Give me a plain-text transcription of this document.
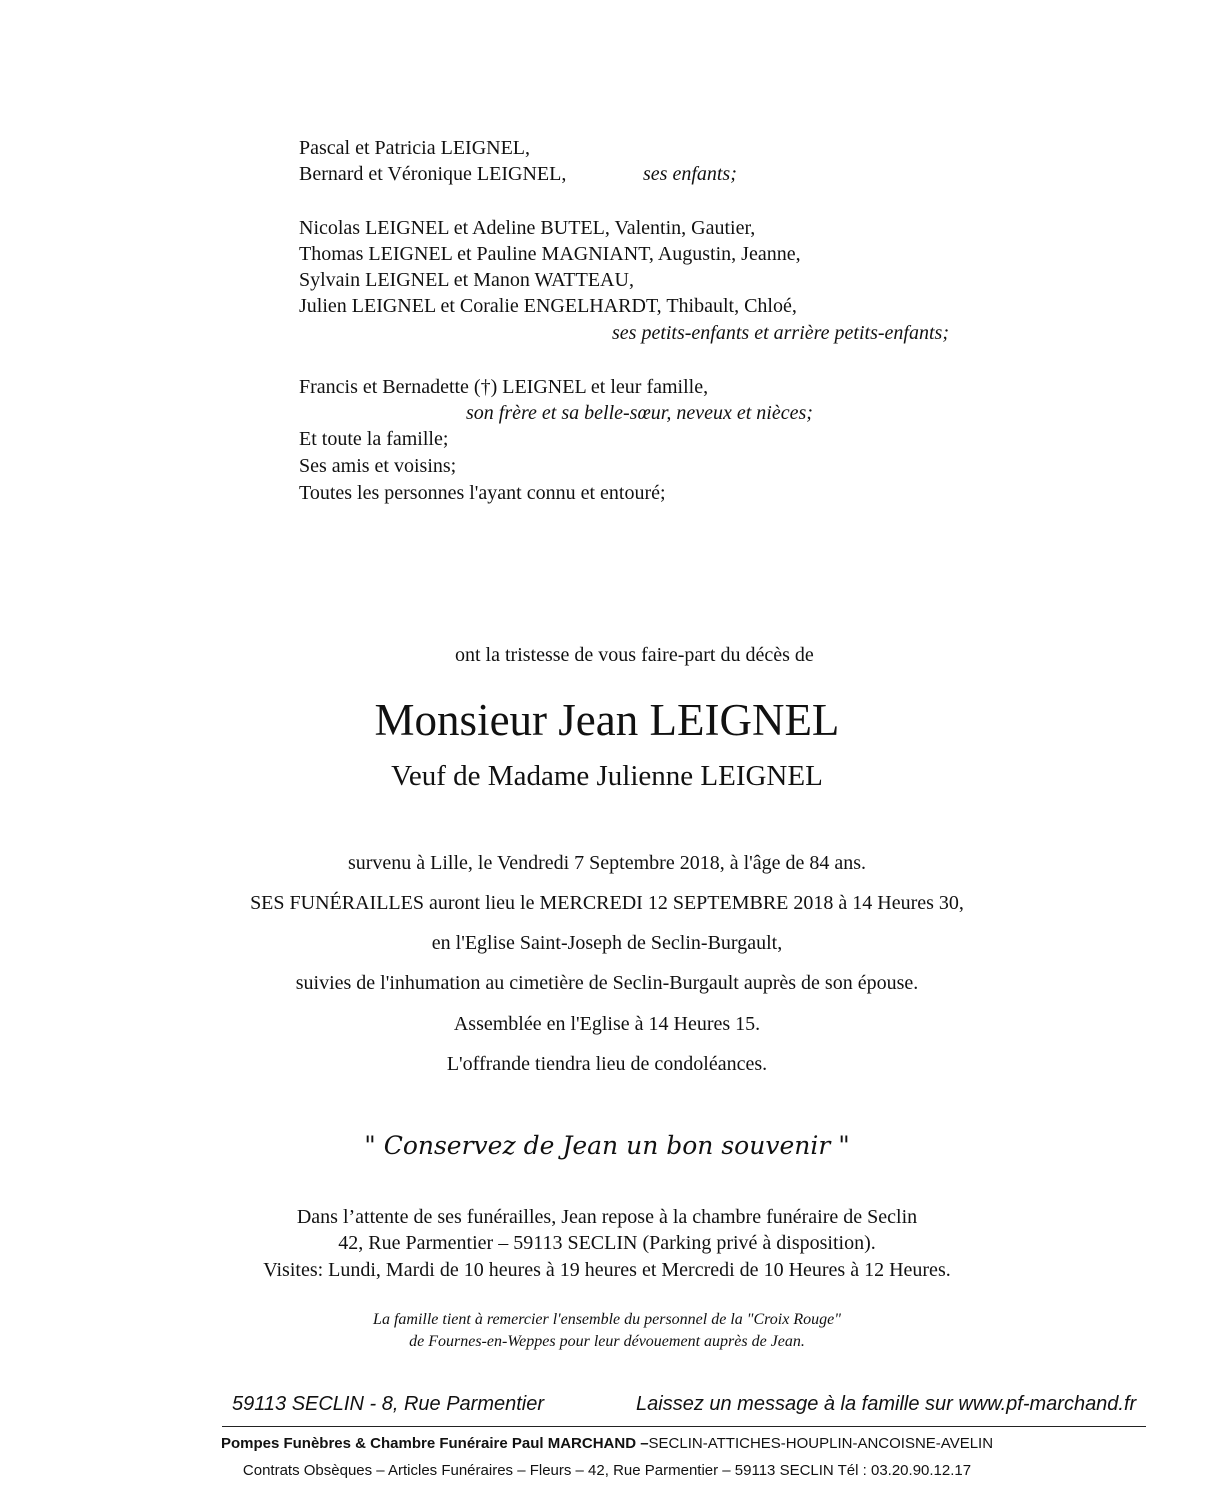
Pascal et Patricia LEIGNEL,
Bernard et Véronique LEIGNEL,	ses enfants;
Nicolas LEIGNEL et Adeline BUTEL, Valentin, Gautier,
Thomas LEIGNEL et Pauline MAGNIANT, Augustin, Jeanne,
Sylvain LEIGNEL et Manon WATTEAU,
Julien LEIGNEL et Coralie ENGELHARDT, Thibault, Chloé,
ses petits-enfants et arrière petits-enfants;
Francis et Bernadette (†) LEIGNEL et leur famille,
son frère et sa belle-sœur, neveux et nièces;
Et toute la famille;
Ses amis et voisins;
Toutes les personnes l'ayant connu et entouré;
ont la tristesse de vous faire-part du décès de
Monsieur Jean LEIGNEL
Veuf de Madame Julienne LEIGNEL
survenu à Lille, le Vendredi 7 Septembre 2018, à l'âge de 84 ans.
SES FUNÉRAILLES auront lieu le MERCREDI 12 SEPTEMBRE 2018 à 14 Heures 30,
en l'Eglise Saint-Joseph de Seclin-Burgault,
suivies de l'inhumation au cimetière de Seclin-Burgault auprès de son épouse.
Assemblée en l'Eglise à 14 Heures 15.
L'offrande tiendra lieu de condoléances.
" Conservez de Jean un bon souvenir "
Dans l’attente de ses funérailles, Jean repose à la chambre funéraire de Seclin
42, Rue Parmentier – 59113 SECLIN (Parking privé à disposition).
Visites: Lundi, Mardi de 10 heures à 19 heures et Mercredi de 10 Heures à 12 Heures.
La famille tient à remercier l'ensemble du personnel de la "Croix Rouge"
de Fournes-en-Weppes pour leur dévouement auprès de Jean.
59113 SECLIN - 8, Rue Parmentier	Laissez un message à la famille sur www.pf-marchand.fr
Pompes Funèbres & Chambre Funéraire Paul MARCHAND –SECLIN-ATTICHES-HOUPLIN-ANCOISNE-AVELIN
Contrats Obsèques – Articles Funéraires – Fleurs – 42, Rue Parmentier – 59113 SECLIN Tél : 03.20.90.12.17
